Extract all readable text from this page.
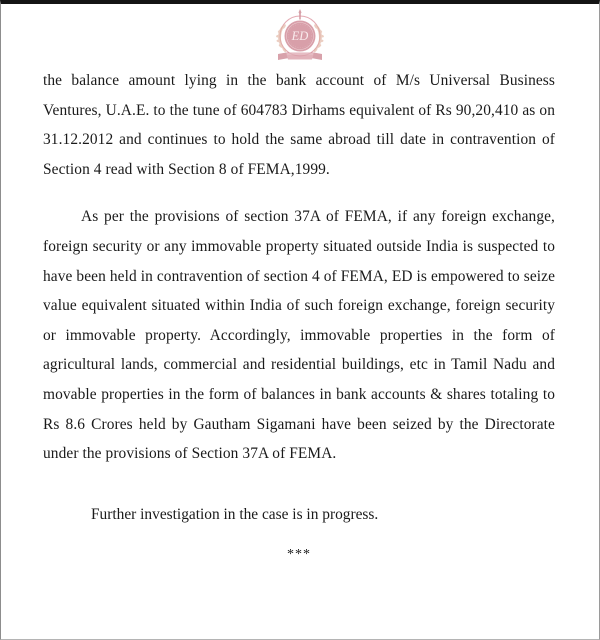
ED

the balance amount lying in the bank account of M/s Universal Business Ventures, U.A.E. to the tune of 604783 Dirhams equivalent of Rs 90,20,410 as on 31.12.2012 and continues to hold the same abroad till date in contravention of Section 4 read with Section 8 of FEMA,1999.

As per the provisions of section 37A of FEMA, if any foreign exchange, foreign security or any immovable property situated outside India is suspected to have been held in contravention of section 4 of FEMA, ED is empowered to seize value equivalent situated within India of such foreign exchange, foreign security or immovable property. Accordingly, immovable properties in the form of agricultural lands, commercial and residential buildings, etc in Tamil Nadu and movable properties in the form of balances in bank accounts & shares totaling to Rs 8.6 Crores held by Gautham Sigamani have been seized by the Directorate under the provisions of Section 37A of FEMA.

Further investigation in the case is in progress.

***
